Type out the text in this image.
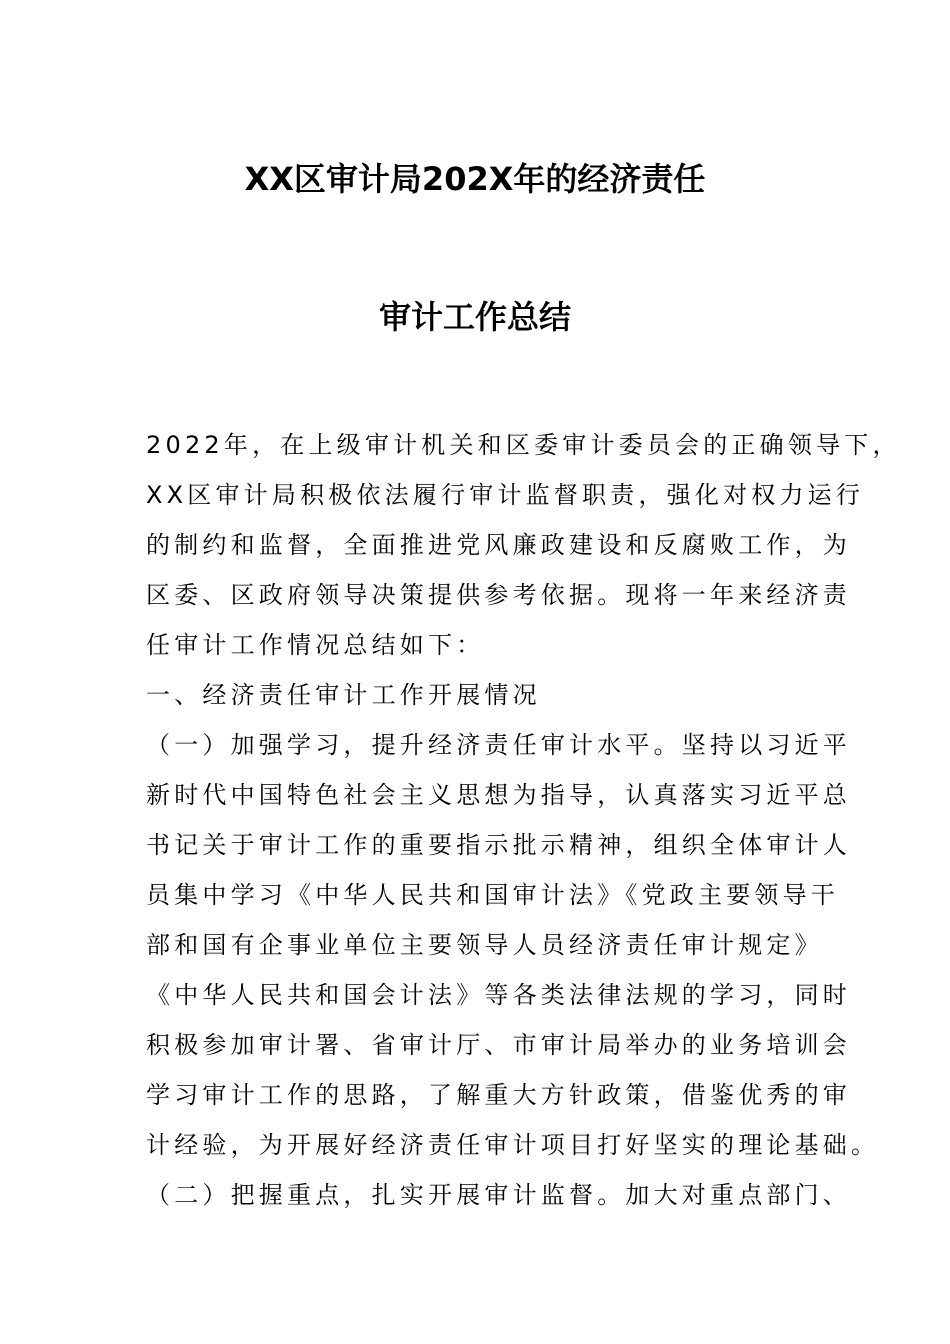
XX区审计局202X年的经济责任
审计工作总结
2022年，在上级审计机关和区委审计委员会的正确领导下，
XX区审计局积极依法履行审计监督职责，强化对权力运行
的制约和监督，全面推进党风廉政建设和反腐败工作，为
区委、区政府领导决策提供参考依据。现将一年来经济责
任审计工作情况总结如下：
一、经济责任审计工作开展情况
（一）加强学习，提升经济责任审计水平。坚持以习近平
新时代中国特色社会主义思想为指导，认真落实习近平总
书记关于审计工作的重要指示批示精神，组织全体审计人
员集中学习《中华人民共和国审计法》《党政主要领导干
部和国有企事业单位主要领导人员经济责任审计规定》
《中华人民共和国会计法》等各类法律法规的学习，同时
积极参加审计署、省审计厅、市审计局举办的业务培训会
学习审计工作的思路，了解重大方针政策，借鉴优秀的审
计经验，为开展好经济责任审计项目打好坚实的理论基础。
（二）把握重点，扎实开展审计监督。加大对重点部门、
